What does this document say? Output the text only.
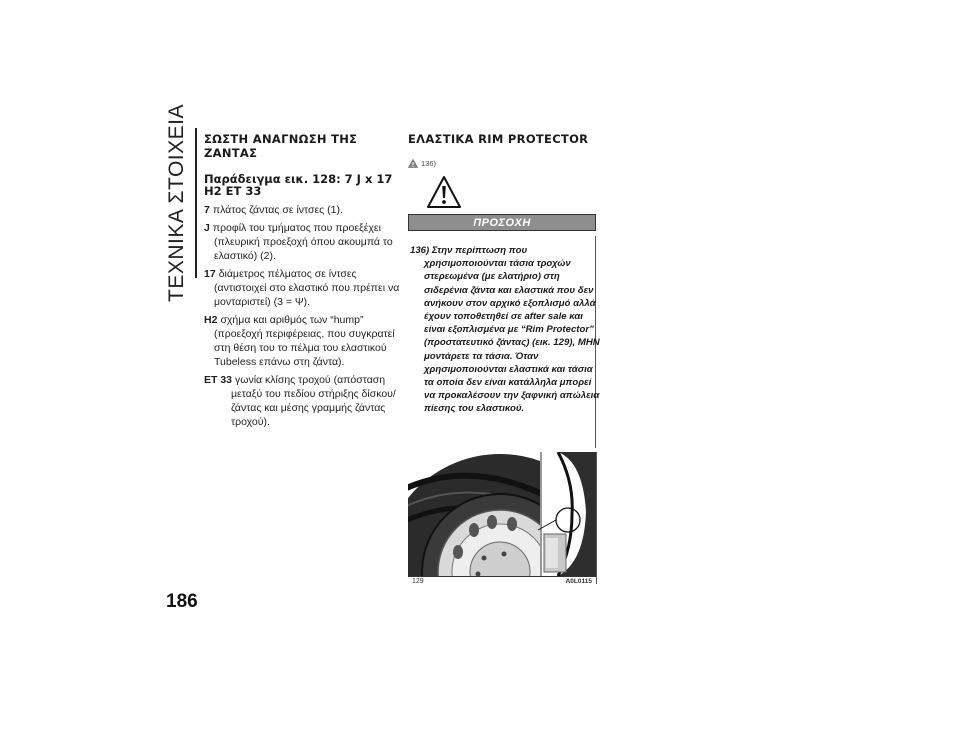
ΤΕΧΝΙΚΑ ΣΤΟΙΧΕΙΑ
186
ΣΩΣΤΗ ΑΝΑΓΝΩΣΗ ΤΗΣ ΖΑΝΤΑΣ
Παράδειγμα εικ. 128: 7 J x 17 H2 ET 33
7 πλάτος ζάντας σε ίντσες (1).
J προφίλ του τμήματος που προεξέχει (πλευρική προεξοχή όπου ακουμπά το ελαστικό) (2).
17 διάμετρος πέλματος σε ίντσες (αντιστοιχεί στο ελαστικό που πρέπει να μονταριστεί) (3 = Ψ).
H2 σχήμα και αριθμός των “hump” (προεξοχή περιφέρειας, που συγκρατεί στη θέση του το πέλμα του ελαστικού Tubeless επάνω στη ζάντα).
ET 33 γωνία κλίσης τροχού (απόσταση μεταξύ του πεδίου στήριξης δίσκου/ζάντας και μέσης γραμμής ζάντας τροχού).
ΕΛΑΣΤΙΚΑ RIM PROTECTOR
136)
ΠΡΟΣΟΧΗ
136) Στην περίπτωση που χρησιμοποιούνται τάσια τροχών στερεωμένα (με ελατήριο) στη σιδερένια ζάντα και ελαστικά που δεν ανήκουν στον αρχικό εξοπλισμό αλλά έχουν τοποθετηθεί σε after sale και είναι εξοπλισμένα με “Rim Protector” (προστατευτικό ζάντας) (εικ. 129), ΜΗΝ μοντάρετε τα τάσια. Όταν χρησιμοποιούνται ελαστικά και τάσια τα οποία δεν είναι κατάλληλα μπορεί να προκαλέσουν την ξαφνική απώλεια πίεσης του ελαστικού.
129	A0L0115
